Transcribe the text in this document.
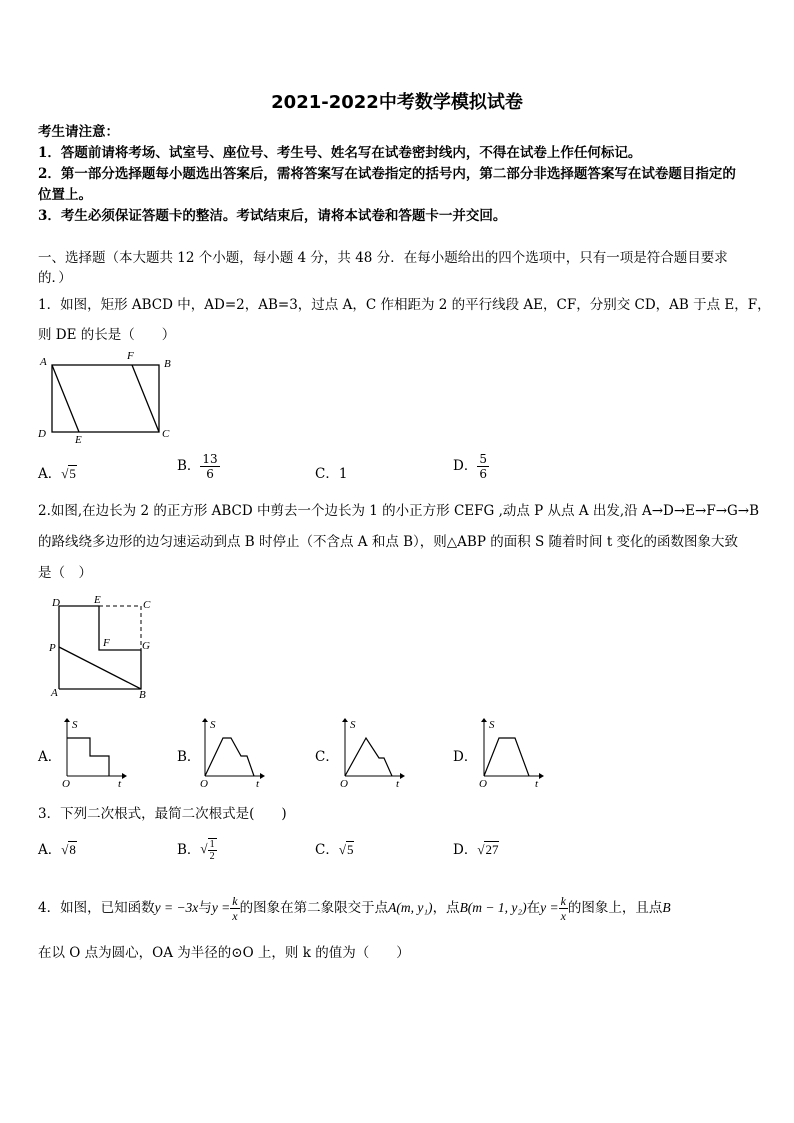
2021-2022中考数学模拟试卷
考生请注意：
1．答题前请将考场、试室号、座位号、考生号、姓名写在试卷密封线内，不得在试卷上作任何标记。
2．第一部分选择题每小题选出答案后，需将答案写在试卷指定的括号内，第二部分非选择题答案写在试卷题目指定的
位置上。
3．考生必须保证答题卡的整洁。考试结束后，请将本试卷和答题卡一并交回。
一、选择题（本大题共 12 个小题，每小题 4 分，共 48 分．在每小题给出的四个选项中，只有一项是符合题目要求
的．）
1．如图，矩形 ABCD 中，AD=2，AB=3，过点 A，C 作相距为 2 的平行线段 AE，CF，分别交 CD，AB 于点 E，F，
则 DE 的长是（　　）
A	F
B
D	E	C
A．√5	B． $\frac{13}{6}$	C．1	D． $\frac{5}{6}$
2.如图,在边长为 2 的正方形 ABCD 中剪去一个边长为 1 的小正方形 CEFG ,动点 P 从点 A 出发,沿 A→D→E→F→G→B
的路线绕多边形的边匀速运动到点 B 时停止（不含点 A 和点 B），则△ABP 的面积 S 随着时间 t 变化的函数图象大致
是（　）
D	E	C
P	F	G
A	B
A．
S
O	t
B．
S
O	t
C．
S
O	t
D．
S
O	t
3．下列二次根式，最简二次根式是(　　)
A．√8	B．√ $\frac{1}{2}$	C．√5	D．√27
4．如图，已知函数y = −3x与$y = \frac{k}{x}$ 的图象在第二象限交于点A(m, y₁)，点B(m − 1, y₂)在$y = \frac{k}{x}$ 的图象上，且点B
在以 O 点为圆心，OA 为半径的⊙O 上，则 k 的值为（　　）
